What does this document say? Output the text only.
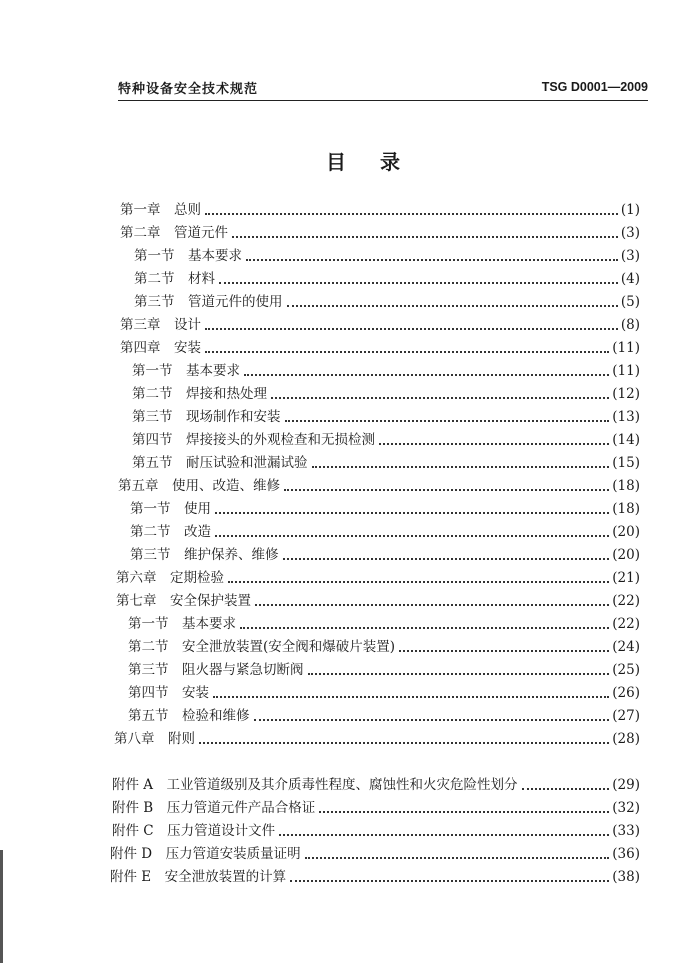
特种设备安全技术规范	TSG D0001—2009
目录
第一章　总则	(1)
第二章　管道元件	(3)
第一节　基本要求	(3)
第二节　材料	(4)
第三节　管道元件的使用	(5)
第三章　设计	(8)
第四章　安装	(11)
第一节　基本要求	(11)
第二节　焊接和热处理	(12)
第三节　现场制作和安装	(13)
第四节　焊接接头的外观检查和无损检测	(14)
第五节　耐压试验和泄漏试验	(15)
第五章　使用、改造、维修	(18)
第一节　使用	(18)
第二节　改造	(20)
第三节　维护保养、维修	(20)
第六章　定期检验	(21)
第七章　安全保护装置	(22)
第一节　基本要求	(22)
第二节　安全泄放装置(安全阀和爆破片装置)	(24)
第三节　阻火器与紧急切断阀	(25)
第四节　安装	(26)
第五节　检验和维修	(27)
第八章　附则	(28)
附件 A　工业管道级别及其介质毒性程度、腐蚀性和火灾危险性划分	(29)
附件 B　压力管道元件产品合格证	(32)
附件 C　压力管道设计文件	(33)
附件 D　压力管道安装质量证明	(36)
附件 E　安全泄放装置的计算	(38)
